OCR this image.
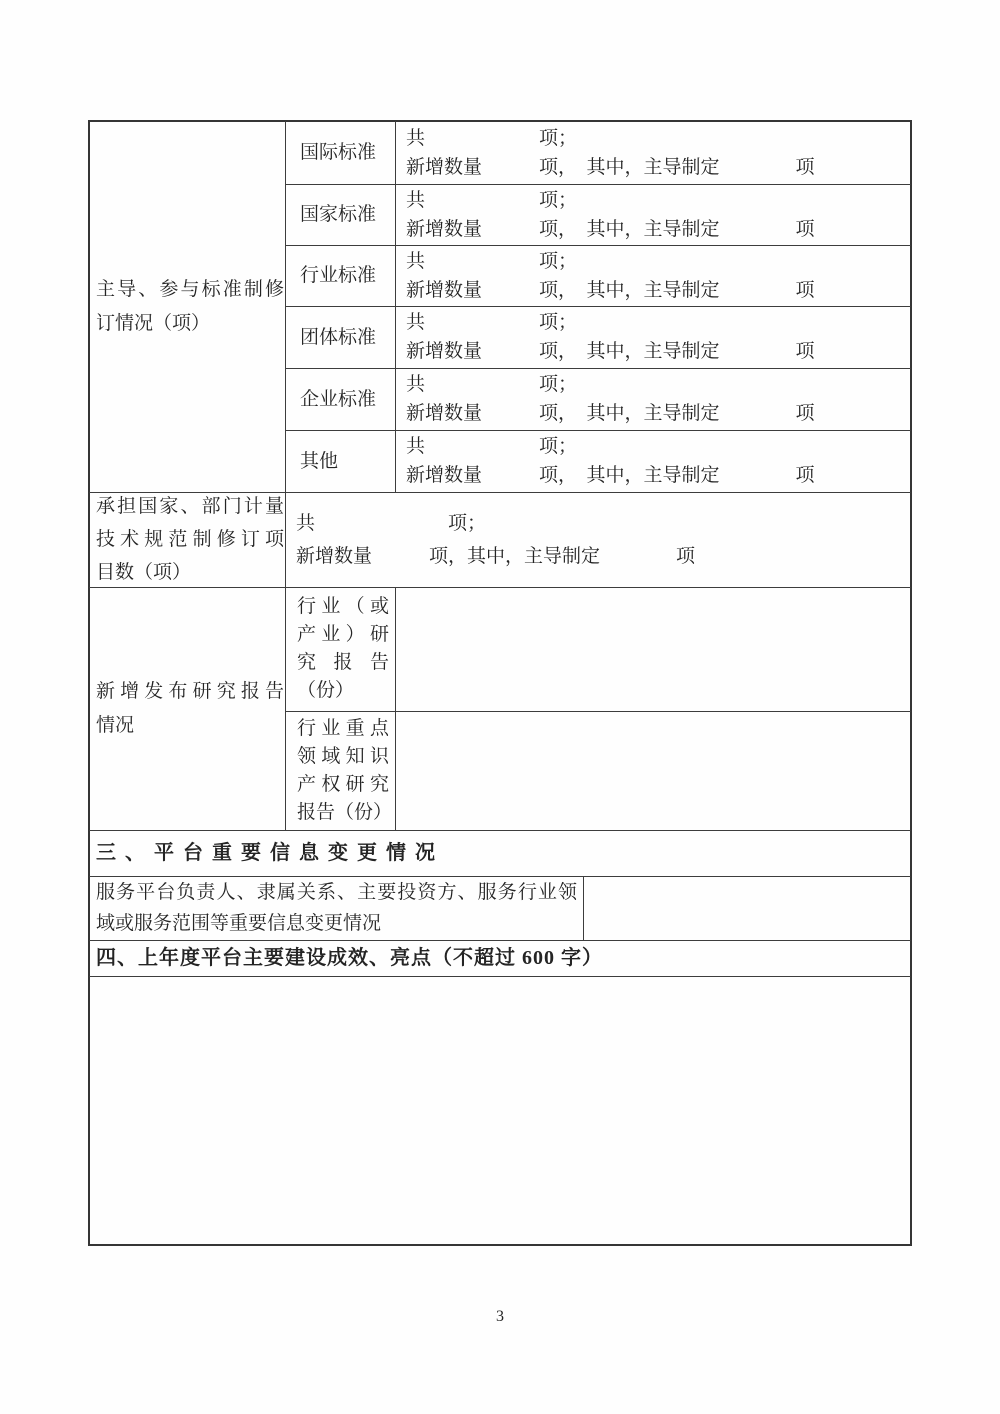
主导、参与标准制修
订情况（项）
国际标准
共　　　　　　项；
新增数量　　　项，　其中，主导制定　　　　项
国家标准
共　　　　　　项；
新增数量　　　项，　其中，主导制定　　　　项
行业标准
共　　　　　　项；
新增数量　　　项，　其中，主导制定　　　　项
团体标准
共　　　　　　项；
新增数量　　　项，　其中，主导制定　　　　项
企业标准
共　　　　　　项；
新增数量　　　项，　其中，主导制定　　　　项
其他
共　　　　　　项；
新增数量　　　项，　其中，主导制定　　　　项
承担国家、部门计量
技术规范制修订项
目数（项）
共　　　　　　　项；
新增数量　　　项，其中，主导制定　　　　项
新增发布研究报告
情况
行业（或
产业）研
究报告
（份）
行业重点
领域知识
产权研究
报告（份）
三、平台重要信息变更情况
服务平台负责人、隶属关系、主要投资方、服务行业领
域或服务范围等重要信息变更情况
四、上年度平台主要建设成效、亮点（不超过 600 字）
3
